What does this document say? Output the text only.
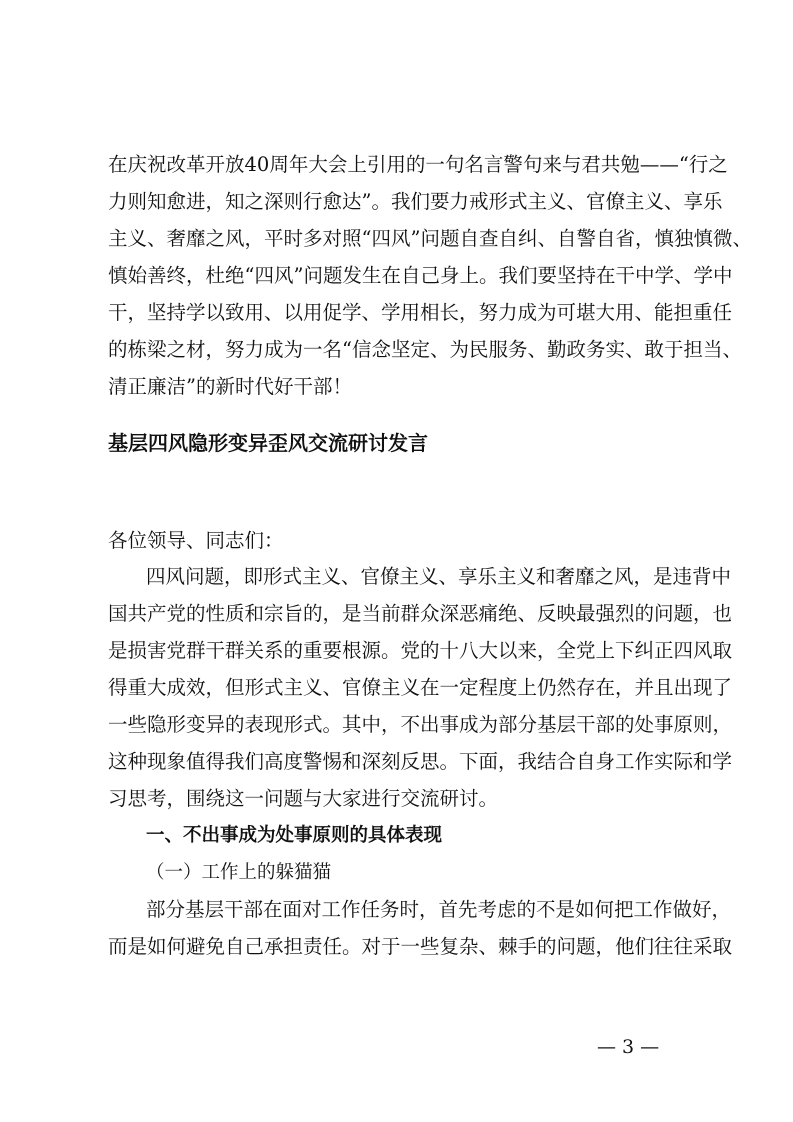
在庆祝改革开放40周年大会上引用的一句名言警句来与君共勉——“行之
力则知愈进，知之深则行愈达”。我们要力戒形式主义、官僚主义、享乐
主义、奢靡之风，平时多对照“四风”问题自查自纠、自警自省，慎独慎微、
慎始善终，杜绝“四风”问题发生在自己身上。我们要坚持在干中学、学中
干，坚持学以致用、以用促学、学用相长，努力成为可堪大用、能担重任
的栋梁之材，努力成为一名“信念坚定、为民服务、勤政务实、敢于担当、
清正廉洁”的新时代好干部！
基层四风隐形变异歪风交流研讨发言
各位领导、同志们：
四风问题，即形式主义、官僚主义、享乐主义和奢靡之风，是违背中
国共产党的性质和宗旨的，是当前群众深恶痛绝、反映最强烈的问题，也
是损害党群干群关系的重要根源。党的十八大以来，全党上下纠正四风取
得重大成效，但形式主义、官僚主义在一定程度上仍然存在，并且出现了
一些隐形变异的表现形式。其中，不出事成为部分基层干部的处事原则，
这种现象值得我们高度警惕和深刻反思。下面，我结合自身工作实际和学
习思考，围绕这一问题与大家进行交流研讨。
一、不出事成为处事原则的具体表现
（一）工作上的躲猫猫
部分基层干部在面对工作任务时，首先考虑的不是如何把工作做好，
而是如何避免自己承担责任。对于一些复杂、棘手的问题，他们往往采取
— 3 —
